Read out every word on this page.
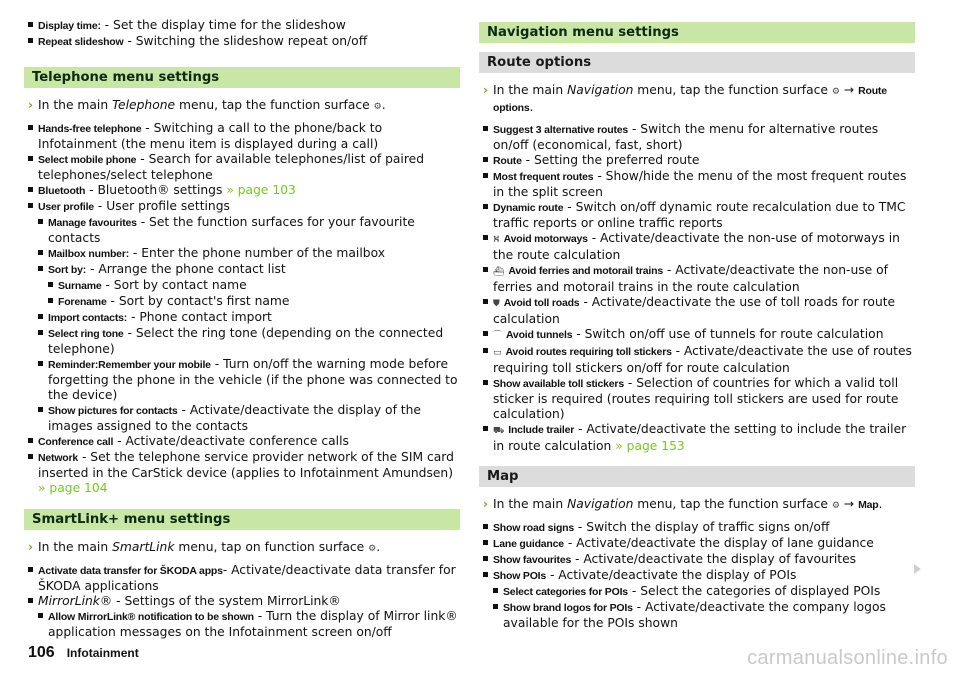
Display time: - Set the display time for the slideshow
Repeat slideshow - Switching the slideshow repeat on/off
Telephone menu settings
› In the main Telephone menu, tap the function surface ⚙.
Hands-free telephone - Switching a call to the phone/back to Infotainment (the menu item is displayed during a call)
Select mobile phone - Search for available telephones/list of paired telephones/select telephone
Bluetooth - Bluetooth® settings » page 103
User profile - User profile settings
Manage favourites - Set the function surfaces for your favourite contacts
Mailbox number: - Enter the phone number of the mailbox
Sort by: - Arrange the phone contact list
Surname - Sort by contact name
Forename - Sort by contact's first name
Import contacts: - Phone contact import
Select ring tone - Select the ring tone (depending on the connected telephone)
Reminder:Remember your mobile - Turn on/off the warning mode before forgetting the phone in the vehicle (if the phone was connected to the device)
Show pictures for contacts - Activate/deactivate the display of the images assigned to the contacts
Conference call - Activate/deactivate conference calls
Network - Set the telephone service provider network of the SIM card inserted in the CarStick device (applies to Infotainment Amundsen) » page 104
SmartLink+ menu settings
› In the main SmartLink menu, tap on function surface ⚙.
Activate data transfer for ŠKODA apps- Activate/deactivate data transfer for ŠKODA applications
MirrorLink® - Settings of the system MirrorLink®
Allow MirrorLink® notification to be shown - Turn the display of Mirror link® application messages on the Infotainment screen on/off
Navigation menu settings
Route options
› In the main Navigation menu, tap the function surface ⚙ → Route options.
Suggest 3 alternative routes - Switch the menu for alternative routes on/off (economical, fast, short)
Route - Setting the preferred route
Most frequent routes - Show/hide the menu of the most frequent routes in the split screen
Dynamic route - Switch on/off dynamic route recalculation due to TMC traffic reports or online traffic reports
⛕ Avoid motorways - Activate/deactivate the non-use of motorways in the route calculation
⛴ Avoid ferries and motorail trains - Activate/deactivate the non-use of ferries and motorail trains in the route calculation
⛊ Avoid toll roads - Activate/deactivate the use of toll roads for route calculation
⌒ Avoid tunnels - Switch on/off use of tunnels for route calculation
▭ Avoid routes requiring toll stickers - Activate/deactivate the use of routes requiring toll stickers on/off for route calculation
Show available toll stickers - Selection of countries for which a valid toll sticker is required (routes requiring toll stickers are used for route calculation)
⛟ Include trailer - Activate/deactivate the setting to include the trailer in route calculation » page 153
Map
› In the main Navigation menu, tap the function surface ⚙ → Map.
Show road signs - Switch the display of traffic signs on/off
Lane guidance - Activate/deactivate the display of lane guidance
Show favourites - Activate/deactivate the display of favourites
Show POIs - Activate/deactivate the display of POIs
Select categories for POIs - Select the categories of displayed POIs
Show brand logos for POIs - Activate/deactivate the company logos available for the POIs shown
106 Infotainment	carmanualsonline.info
